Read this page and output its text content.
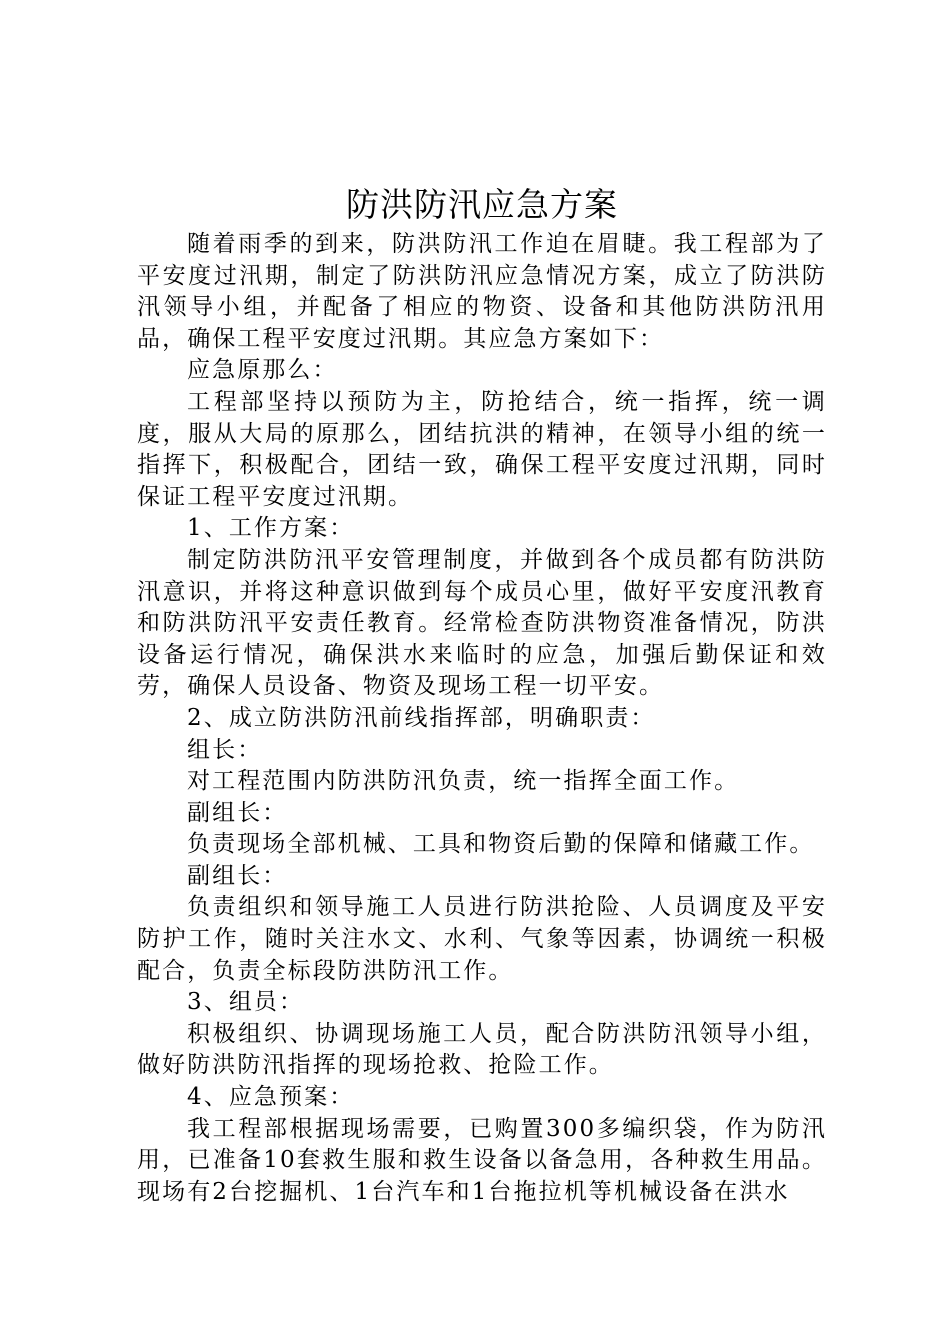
防洪防汛应急方案

随着雨季的到来，防洪防汛工作迫在眉睫。我工程部为了平安度过汛期，制定了防洪防汛应急情况方案，成立了防洪防汛领导小组，并配备了相应的物资、设备和其他防洪防汛用品，确保工程平安度过汛期。其应急方案如下：

应急原那么：

工程部坚持以预防为主，防抢结合，统一指挥，统一调度，服从大局的原那么，团结抗洪的精神，在领导小组的统一指挥下，积极配合，团结一致，确保工程平安度过汛期，同时保证工程平安度过汛期。

1、工作方案：

制定防洪防汛平安管理制度，并做到各个成员都有防洪防汛意识，并将这种意识做到每个成员心里，做好平安度汛教育和防洪防汛平安责任教育。经常检查防洪物资准备情况，防洪设备运行情况，确保洪水来临时的应急，加强后勤保证和效劳，确保人员设备、物资及现场工程一切平安。

2、成立防洪防汛前线指挥部，明确职责：

组长：

对工程范围内防洪防汛负责，统一指挥全面工作。

副组长：

负责现场全部机械、工具和物资后勤的保障和储藏工作。

副组长：

负责组织和领导施工人员进行防洪抢险、人员调度及平安防护工作，随时关注水文、水利、气象等因素，协调统一积极配合，负责全标段防洪防汛工作。

3、组员：

积极组织、协调现场施工人员，配合防洪防汛领导小组，做好防洪防汛指挥的现场抢救、抢险工作。

4、应急预案：

我工程部根据现场需要，已购置300多编织袋，作为防汛用，已准备10套救生服和救生设备以备急用，各种救生用品。现场有2台挖掘机、1台汽车和1台拖拉机等机械设备在洪水
